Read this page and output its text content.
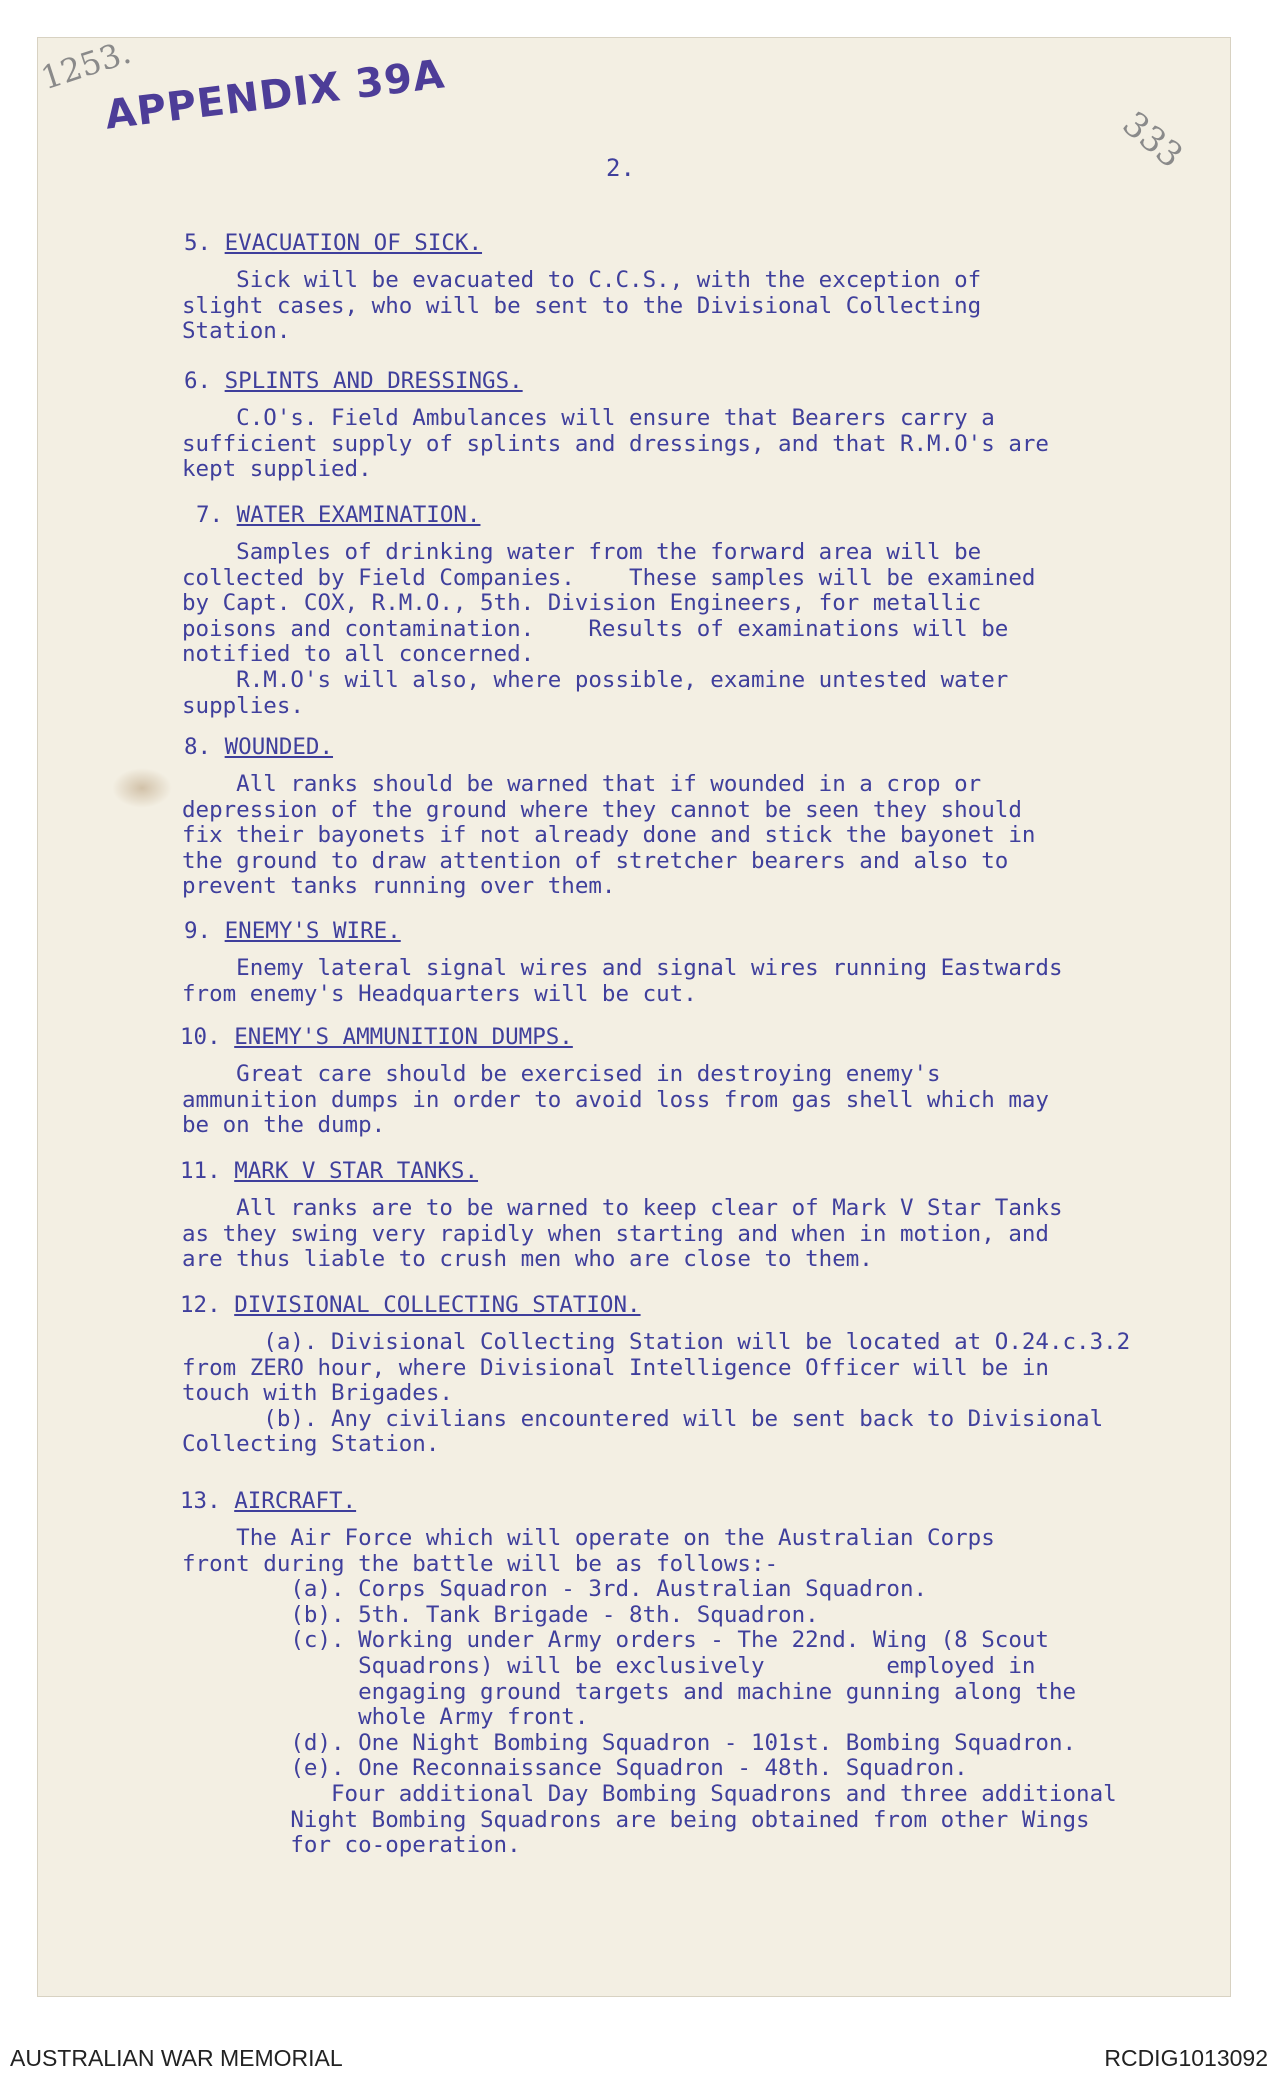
APPENDIX 39A
1253.
333
2.
5. EVACUATION OF SICK.
Sick will be evacuated to C.C.S., with the exception of
slight cases, who will be sent to the Divisional Collecting
Station.
6. SPLINTS AND DRESSINGS.
C.O's. Field Ambulances will ensure that Bearers carry a
sufficient supply of splints and dressings, and that R.M.O's are
kept supplied.
7. WATER EXAMINATION.
Samples of drinking water from the forward area will be
collected by Field Companies.    These samples will be examined
by Capt. COX, R.M.O., 5th. Division Engineers, for metallic
poisons and contamination.    Results of examinations will be
notified to all concerned.
R.M.O's will also, where possible, examine untested water
supplies.
8. WOUNDED.
All ranks should be warned that if wounded in a crop or
depression of the ground where they cannot be seen they should
fix their bayonets if not already done and stick the bayonet in
the ground to draw attention of stretcher bearers and also to
prevent tanks running over them.
9. ENEMY'S WIRE.
Enemy lateral signal wires and signal wires running Eastwards
from enemy's Headquarters will be cut.
10. ENEMY'S AMMUNITION DUMPS.
Great care should be exercised in destroying enemy's
ammunition dumps in order to avoid loss from gas shell which may
be on the dump.
11. MARK V STAR TANKS.
All ranks are to be warned to keep clear of Mark V Star Tanks
as they swing very rapidly when starting and when in motion, and
are thus liable to crush men who are close to them.
12. DIVISIONAL COLLECTING STATION.
(a). Divisional Collecting Station will be located at O.24.c.3.2
from ZERO hour, where Divisional Intelligence Officer will be in
touch with Brigades.
(b). Any civilians encountered will be sent back to Divisional
Collecting Station.
13. AIRCRAFT.
The Air Force which will operate on the Australian Corps
front during the battle will be as follows:-
(a). Corps Squadron - 3rd. Australian Squadron.
(b). 5th. Tank Brigade - 8th. Squadron.
(c). Working under Army orders - The 22nd. Wing (8 Scout
Squadrons) will be exclusively         employed in
engaging ground targets and machine gunning along the
whole Army front.
(d). One Night Bombing Squadron - 101st. Bombing Squadron.
(e). One Reconnaissance Squadron - 48th. Squadron.
Four additional Day Bombing Squadrons and three additional
Night Bombing Squadrons are being obtained from other Wings
for co-operation.
AUSTRALIAN WAR MEMORIAL	RCDIG1013092
